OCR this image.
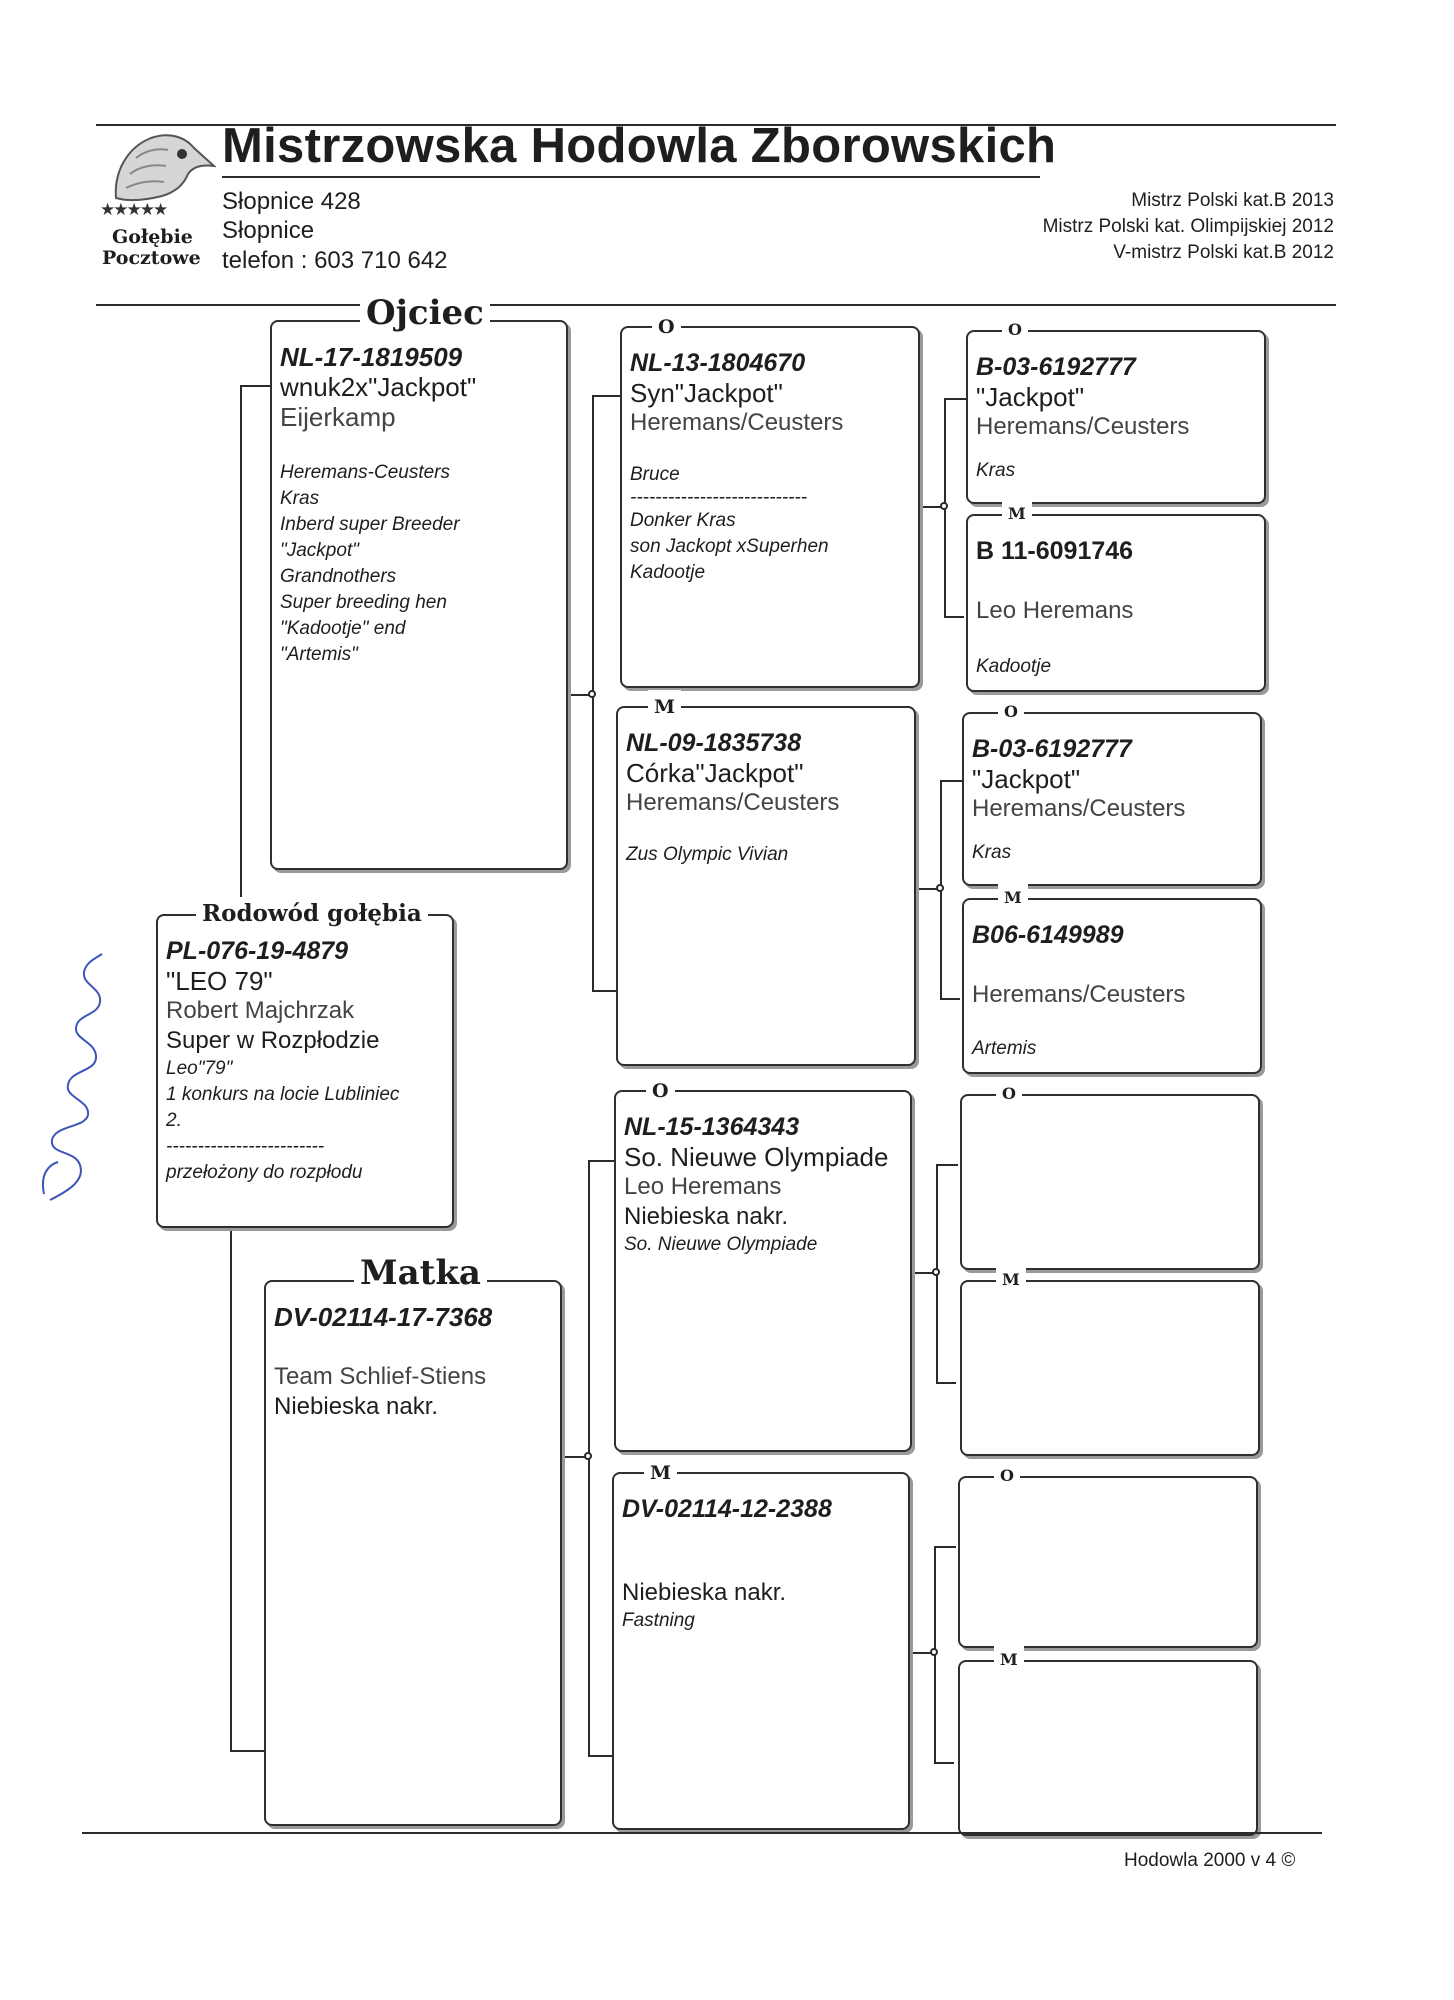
★★★★★
Gołębie
Pocztowe
Mistrzowska Hodowla Zborowskich
Słopnice 428
Słopnice
telefon : 603 710 642
Mistrz Polski kat.B 2013
Mistrz Polski kat. Olimpijskiej 2012
V-mistrz Polski kat.B 2012
Ojciec
NL-17-1819509
wnuk2x"Jackpot"
Eijerkamp
Heremans-Ceusters
Kras
Inberd super Breeder
"Jackpot"
Grandnothers
Super breeding hen
"Kadootje" end
"Artemis"
Rodowód gołębia
PL-076-19-4879
"LEO 79"
Robert Majchrzak
Super w Rozpłodzie
Leo"79"
1 konkurs na locie Lubliniec
2.
-------------------------
przełożony do rozpłodu
Matka
DV-02114-17-7368
Team Schlief-Stiens
Niebieska nakr.
O
NL-13-1804670
Syn"Jackpot"
Heremans/Ceusters
Bruce
----------------------------
Donker Kras
son Jackopt xSuperhen
Kadootje
M
NL-09-1835738
Córka"Jackpot"
Heremans/Ceusters
Zus Olympic Vivian
O
NL-15-1364343
So. Nieuwe Olympiade
Leo Heremans
Niebieska nakr.
So. Nieuwe Olympiade
M
DV-02114-12-2388
Niebieska nakr.
Fastning
O
B-03-6192777
"Jackpot"
Heremans/Ceusters
Kras
M
B 11-6091746
Leo Heremans
Kadootje
O
B-03-6192777
"Jackpot"
Heremans/Ceusters
Kras
M
B06-6149989
Heremans/Ceusters
Artemis
O
M
O
M
Hodowla 2000 v 4 ©
